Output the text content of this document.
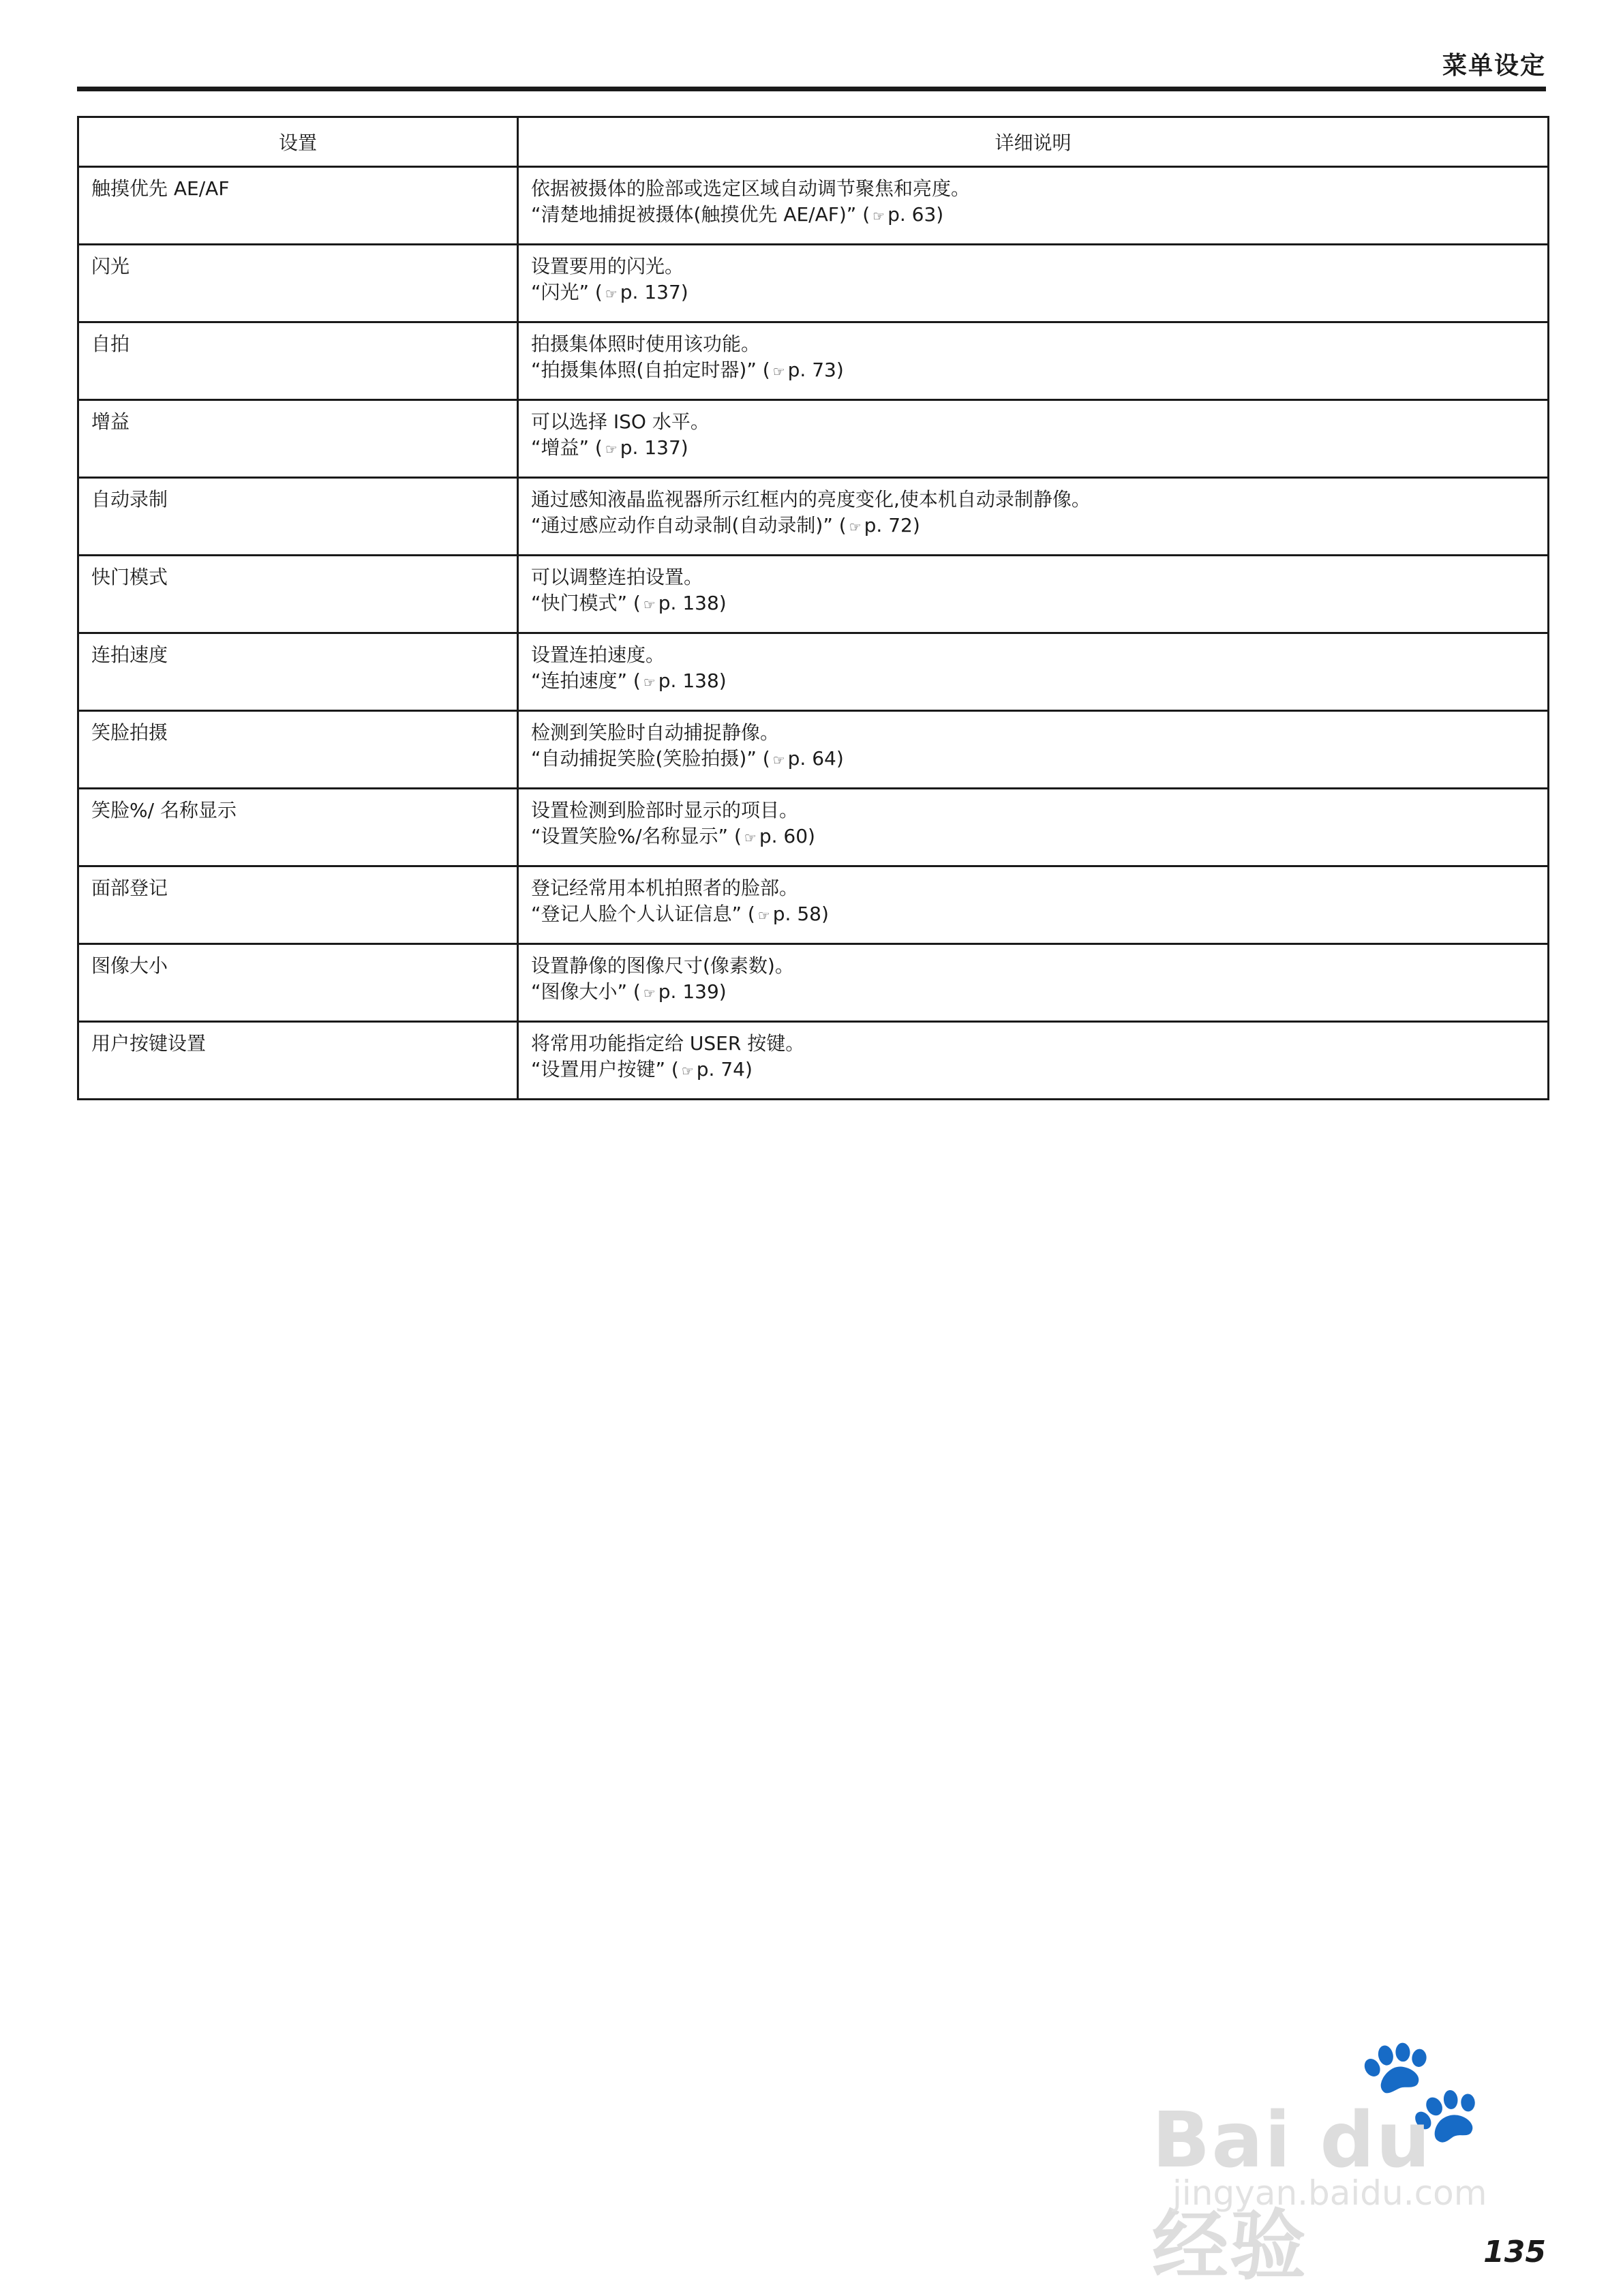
菜单设定
设置	详细说明
触摸优先 AE/AF	依据被摄体的脸部或选定区域自动调节聚焦和亮度。
“清楚地捕捉被摄体(触摸优先 AE/AF)” ( ☞ p. 63)

闪光	设置要用的闪光。
“闪光” ( ☞ p. 137)

自拍	拍摄集体照时使用该功能。
“拍摄集体照(自拍定时器)” ( ☞ p. 73)

增益	可以选择 ISO 水平。
“增益” ( ☞ p. 137)

自动录制	通过感知液晶监视器所示红框内的亮度变化,使本机自动录制静像。
“通过感应动作自动录制(自动录制)” ( ☞ p. 72)

快门模式	可以调整连拍设置。
“快门模式” ( ☞ p. 138)

连拍速度	设置连拍速度。
“连拍速度” ( ☞ p. 138)

笑脸拍摄	检测到笑脸时自动捕捉静像。
“自动捕捉笑脸(笑脸拍摄)” ( ☞ p. 64)

笑脸%/ 名称显示	设置检测到脸部时显示的项目。
“设置笑脸%/名称显示” ( ☞ p. 60)

面部登记	登记经常用本机拍照者的脸部。
“登记人脸个人认证信息” ( ☞ p. 58)

图像大小	设置静像的图像尺寸(像素数)。
“图像大小” ( ☞ p. 139)

用户按键设置	将常用功能指定给 USER 按键。
“设置用户按键” ( ☞ p. 74)
🐾
Bai du 经验
jingyan.baidu.com
135
